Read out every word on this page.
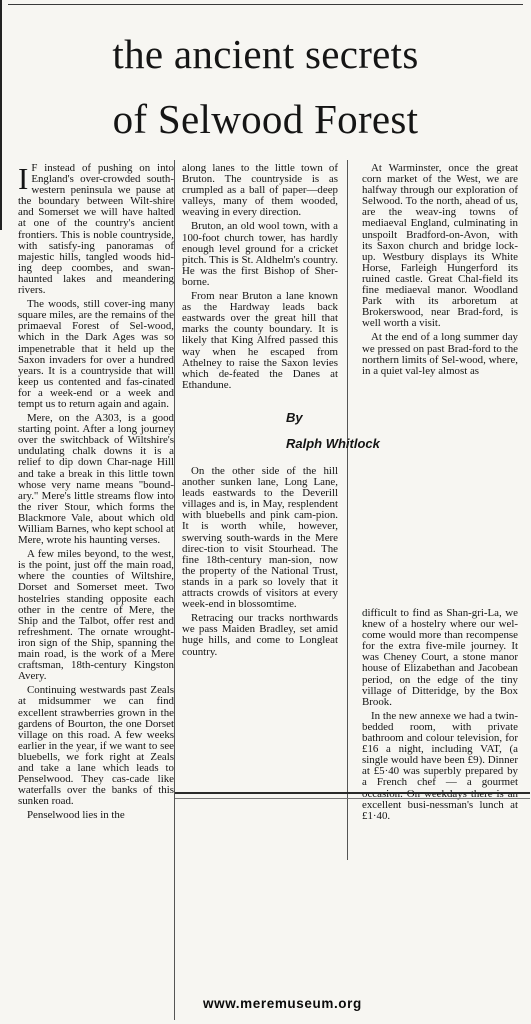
the ancient secrets
of Selwood Forest

I F instead of pushing on into England's over-crowded south-western peninsula we pause at the boundary between Wilt-shire and Somerset we will have halted at one of the country's ancient frontiers. This is noble countryside, with satisfy-ing panoramas of majestic hills, tangled woods hid-ing deep coombes, and swan-haunted lakes and meandering rivers.

The woods, still cover-ing many square miles, are the remains of the primaeval Forest of Sel-wood, which in the Dark Ages was so impenetrable that it held up the Saxon invaders for over a hundred years. It is a countryside that will keep us contented and fas-cinated for a week-end or a week and tempt us to return again and again.

Mere, on the A303, is a good starting point. After a long journey over the switchback of Wiltshire's undulating chalk downs it is a relief to dip down Char-nage Hill and take a break in this little town whose very name means "bound-ary." Mere's little streams flow into the river Stour, which forms the Blackmore Vale, about which old William Barnes, who kept school at Mere, wrote his haunting verses.

A few miles beyond, to the west, is the point, just off the main road, where the counties of Wiltshire, Dorset and Somerset meet. Two hostelries standing opposite each other in the centre of Mere, the Ship and the Talbot, offer rest and refreshment. The ornate wrought-iron sign of the Ship, spanning the main road, is the work of a Mere craftsman, 18th-century Kingston Avery.

Continuing westwards past Zeals at midsummer we can find excellent strawberries grown in the gardens of Bourton, the one Dorset village on this road. A few weeks earlier in the year, if we want to see bluebells, we fork right at Zeals and take a lane which leads to Penselwood. They cas-cade like waterfalls over the banks of this sunken road.

Penselwood lies in the

along lanes to the little town of Bruton. The countryside is as crumpled as a ball of paper—deep valleys, many of them wooded, weaving in every direction.

Bruton, an old wool town, with a 100-foot church tower, has hardly enough level ground for a cricket pitch. This is St. Aldhelm's country. He was the first Bishop of Sher-borne.

From near Bruton a lane known as the Hardway leads back eastwards over the great hill that marks the county boundary. It is likely that King Alfred passed this way when he escaped from Athelney to raise the Saxon levies which de-feated the Danes at Ethandune.

By
Ralph Whitlock

On the other side of the hill another sunken lane, Long Lane, leads eastwards to the Deverill villages and is, in May, resplendent with bluebells and pink cam-pion. It is worth while, however, swerving south-wards in the Mere direc-tion to visit Stourhead. The fine 18th-century man-sion, now the property of the National Trust, stands in a park so lovely that it attracts crowds of visitors at every week-end in blossomtime.

Retracing our tracks northwards we pass Maiden Bradley, set amid huge hills, and come to Longleat country.

At Warminster, once the great corn market of the West, we are halfway through our exploration of Selwood. To the north, ahead of us, are the weav-ing towns of mediaeval England, culminating in unspoilt Bradford-on-Avon, with its Saxon church and bridge lock-up. Westbury displays its White Horse, Farleigh Hungerford its ruined castle. Great Chal-field its fine mediaeval manor. Woodland Park with its arboretum at Brokerswood, near Brad-ford, is well worth a visit.

At the end of a long summer day we pressed on past Brad-ford to the northern limits of Sel-wood, where, in a quiet val-ley almost as

difficult to find as Shan-gri-La, we knew of a hostelry where our wel-come would more than recompense for the extra five-mile journey. It was Cheney Court, a stone manor house of Elizabethan and Jacobean period, on the edge of the tiny village of Ditteridge, by the Box Brook.

In the new annexe we had a twin-bedded room, with private bathroom and colour television, for £16 a night, including VAT, (a single would have been £9). Dinner at £5·40 was superbly prepared by a French chef — a gourmet excellent busi-nessman's lunch at £1·40.

www.meremuseum.org
